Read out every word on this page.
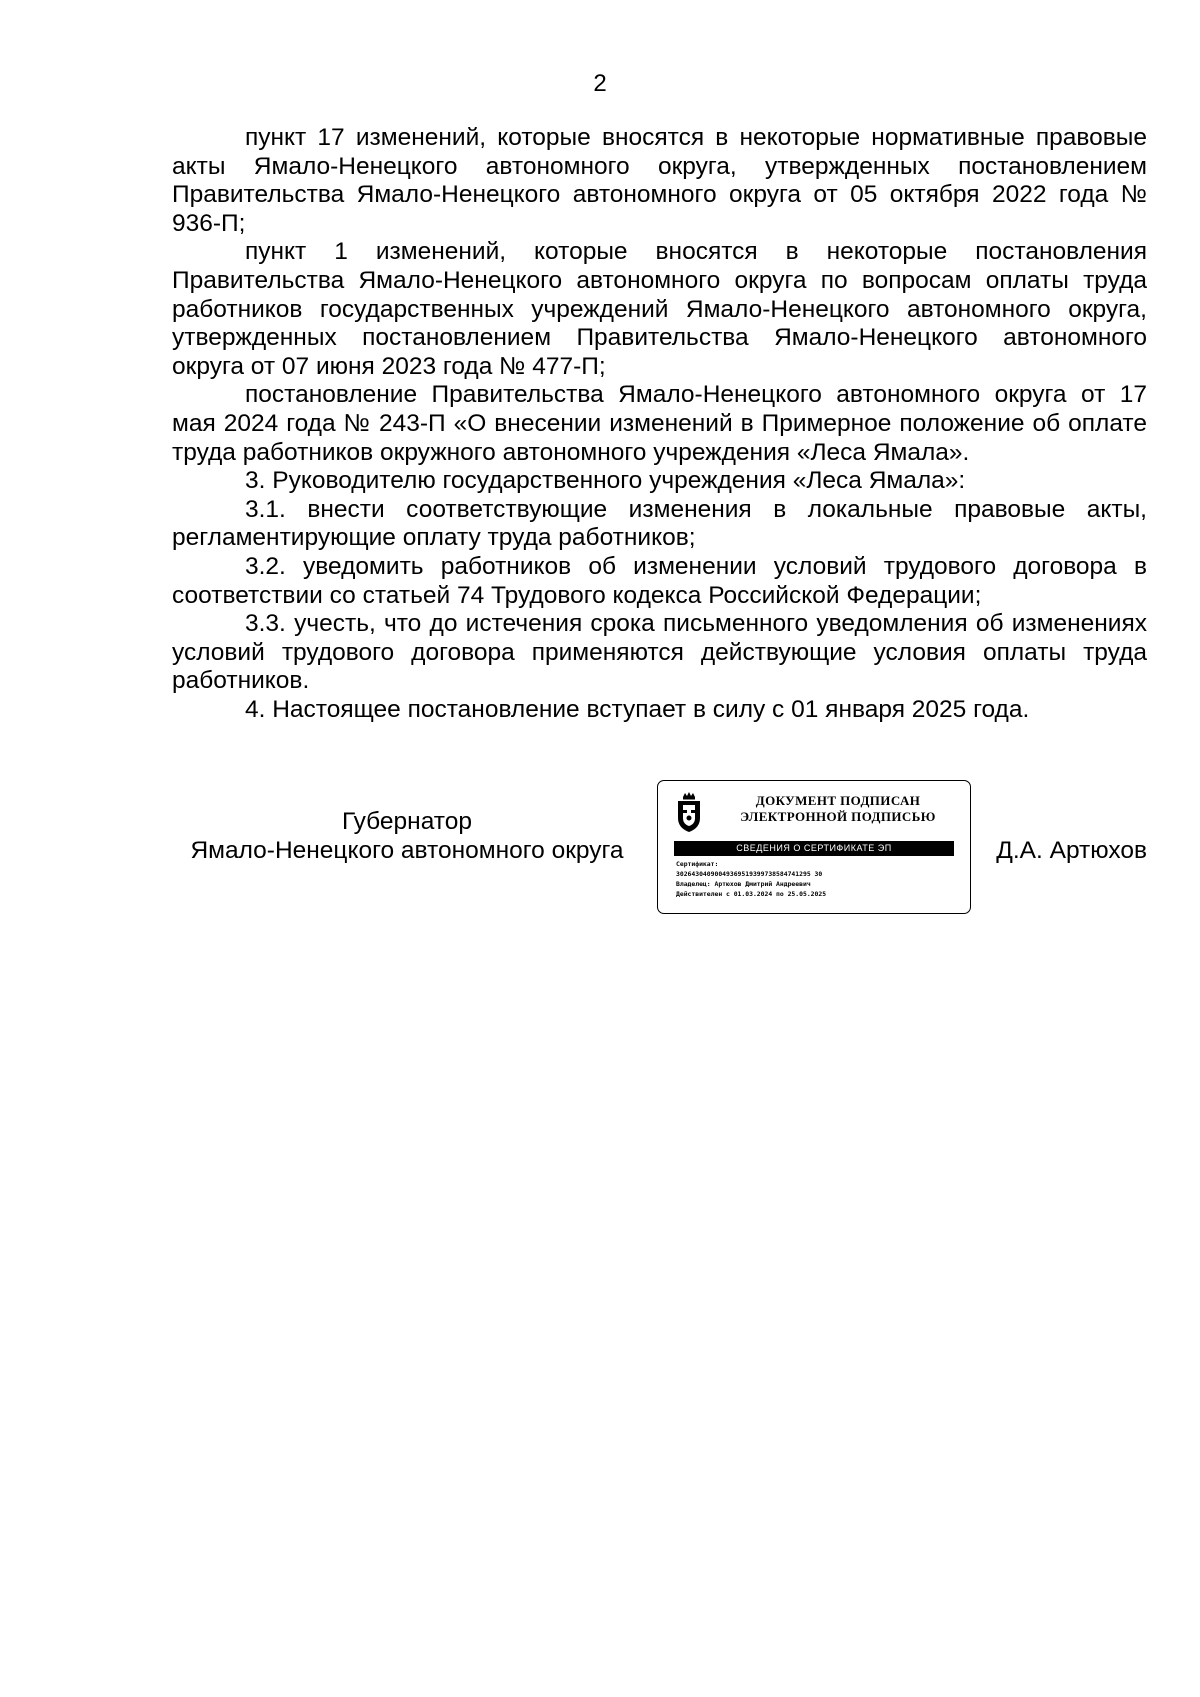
2

пункт 17 изменений, которые вносятся в некоторые нормативные правовые акты Ямало-Ненецкого автономного округа, утвержденных постановлением Правительства Ямало-Ненецкого автономного округа от 05 октября 2022 года № 936-П;

пункт 1 изменений, которые вносятся в некоторые постановления Правительства Ямало-Ненецкого автономного округа по вопросам оплаты труда работников государственных учреждений Ямало-Ненецкого автономного округа, утвержденных постановлением Правительства Ямало-Ненецкого автономного округа от 07 июня 2023 года № 477-П;

постановление Правительства Ямало-Ненецкого автономного округа от 17 мая 2024 года № 243-П «О внесении изменений в Примерное положение об оплате труда работников окружного автономного учреждения «Леса Ямала».

3. Руководителю государственного учреждения «Леса Ямала»:

3.1. внести соответствующие изменения в локальные правовые акты, регламентирующие оплату труда работников;

3.2. уведомить работников об изменении условий трудового договора в соответствии со статьей 74 Трудового кодекса Российской Федерации;

3.3. учесть, что до истечения срока письменного уведомления об изменениях условий трудового договора применяются действующие условия оплаты труда работников.

4. Настоящее постановление вступает в силу с 01 января 2025 года.

Губернатор
Ямало-Ненецкого автономного округа
ДОКУМЕНТ ПОДПИСАН
ЭЛЕКТРОННОЙ ПОДПИСЬЮ
СВЕДЕНИЯ О СЕРТИФИКАТЕ ЭП
Сертификат:
30264304090049369519399738584741295 30
Владелец: Артюхов Дмитрий Андреевич
Действителен с 01.03.2024 по 25.05.2025
Д.А. Артюхов
